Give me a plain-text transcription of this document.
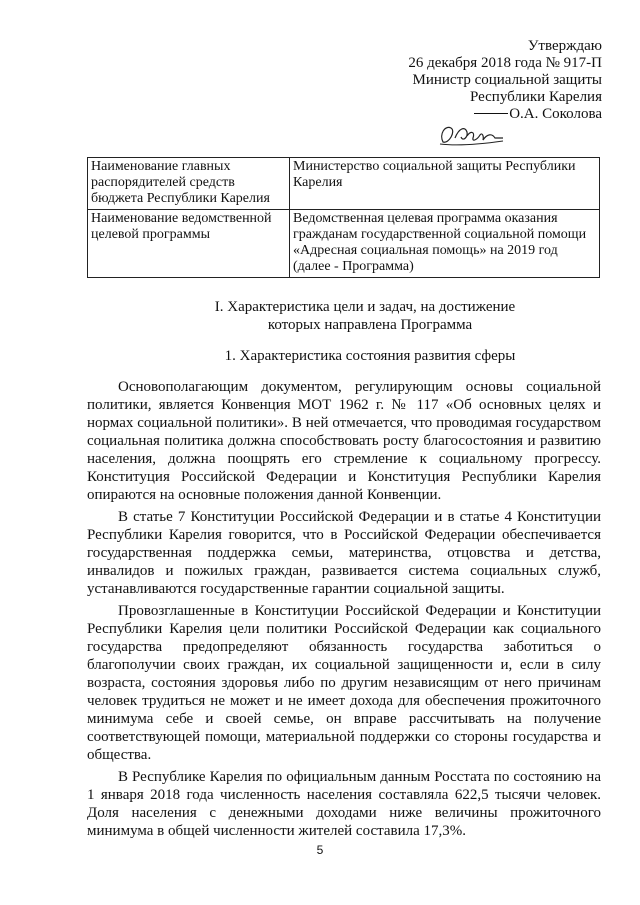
Утверждаю
26 декабря 2018 года № 917-П
Министр социальной защиты
Республики Карелия
О.А. Соколова
Наименование главных распорядителей средств бюджета Республики Карелия	Министерство социальной защиты Республики Карелия
Наименование ведомственной целевой программы	Ведомственная целевая программа оказания гражданам государственной социальной помощи «Адресная социальная помощь» на 2019 год (далее - Программа)
I. Характеристика цели и задач, на достижение
которых направлена Программа
1. Характеристика состояния развития сферы

Основополагающим документом, регулирующим основы социальной политики, является Конвенция МОТ 1962 г. № 117 «Об основных целях и нормах социальной политики». В ней отмечается, что проводимая государством социальная политика должна способствовать росту благосостояния и развитию населения, должна поощрять его стремление к социальному прогрессу. Конституция Российской Федерации и Конституция Республики Карелия опираются на основные положения данной Конвенции.

В статье 7 Конституции Российской Федерации и в статье 4 Конституции Республики Карелия говорится, что в Российской Федерации обеспечивается государственная поддержка семьи, материнства, отцовства и детства, инвалидов и пожилых граждан, развивается система социальных служб, устанавливаются государственные гарантии социальной защиты.

Провозглашенные в Конституции Российской Федерации и Конституции Республики Карелия цели политики Российской Федерации как социального государства предопределяют обязанность государства заботиться о благополучии своих граждан, их социальной защищенности и, если в силу возраста, состояния здоровья либо по другим независящим от него причинам человек трудиться не может и не имеет дохода для обеспечения прожиточного минимума себе и своей семье, он вправе рассчитывать на получение соответствующей помощи, материальной поддержки со стороны государства и общества.

В Республике Карелия по официальным данным Росстата по состоянию на 1 января 2018 года численность населения составляла 622,5 тысячи человек. Доля населения с денежными доходами ниже величины прожиточного минимума в общей численности жителей составила 17,3%.

5
